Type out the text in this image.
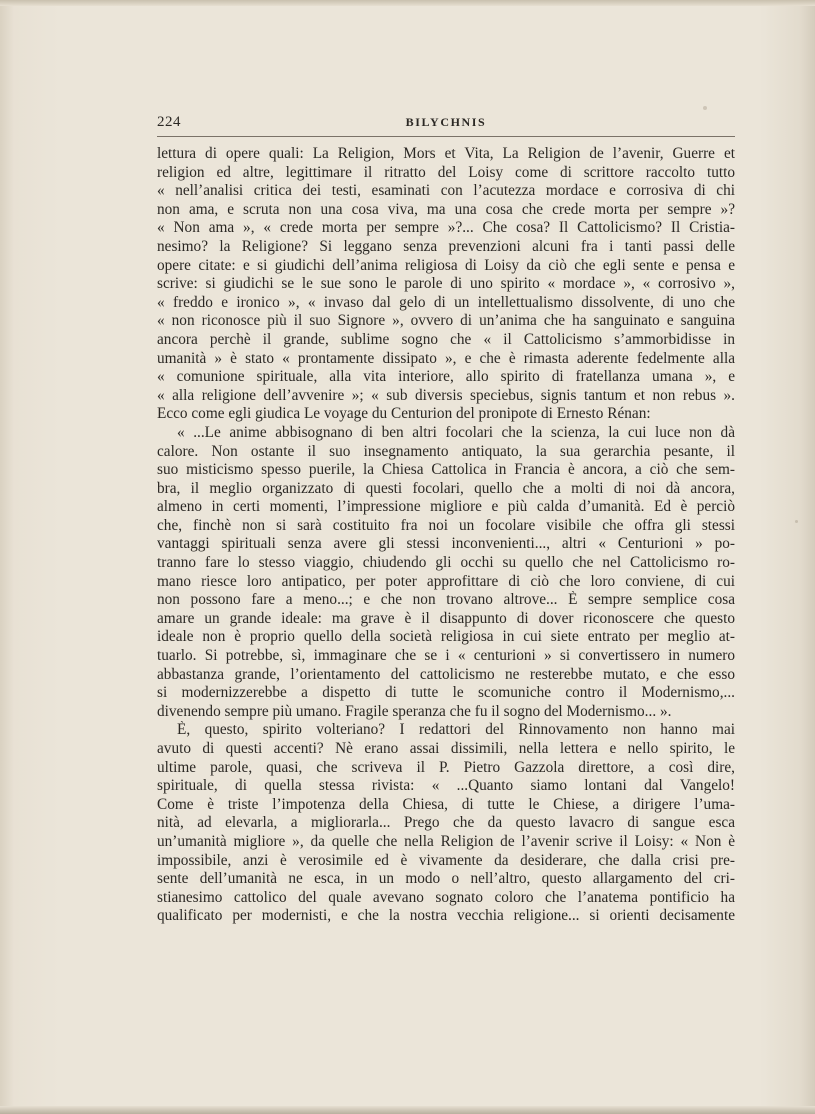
224	BILYCHNIS
lettura di opere quali: La Religion, Mors et Vita, La Religion de l’avenir, Guerre et
religion ed altre, legittimare il ritratto del Loisy come di scrittore raccolto tutto
« nell’analisi critica dei testi, esaminati con l’acutezza mordace e corrosiva di chi
non ama, e scruta non una cosa viva, ma una cosa che crede morta per sempre »?
« Non ama », « crede morta per sempre »?... Che cosa? Il Cattolicismo? Il Cristia-
nesimo? la Religione? Si leggano senza prevenzioni alcuni fra i tanti passi delle
opere citate: e si giudichi dell’anima religiosa di Loisy da ciò che egli sente e pensa e
scrive: si giudichi se le sue sono le parole di uno spirito « mordace », « corrosivo »,
« freddo e ironico », « invaso dal gelo di un intellettualismo dissolvente, di uno che
« non riconosce più il suo Signore », ovvero di un’anima che ha sanguinato e sanguina
ancora perchè il grande, sublime sogno che « il Cattolicismo s’ammorbidisse in
umanità » è stato « prontamente dissipato », e che è rimasta aderente fedelmente alla
« comunione spirituale, alla vita interiore, allo spirito di fratellanza umana », e
« alla religione dell’avvenire »; « sub diversis speciebus, signis tantum et non rebus ».
Ecco come egli giudica Le voyage du Centurion del pronipote di Ernesto Rénan:
« ...Le anime abbisognano di ben altri focolari che la scienza, la cui luce non dà
calore. Non ostante il suo insegnamento antiquato, la sua gerarchia pesante, il
suo misticismo spesso puerile, la Chiesa Cattolica in Francia è ancora, a ciò che sem-
bra, il meglio organizzato di questi focolari, quello che a molti di noi dà ancora,
almeno in certi momenti, l’impressione migliore e più calda d’umanità. Ed è perciò
che, finchè non si sarà costituito fra noi un focolare visibile che offra gli stessi
vantaggi spirituali senza avere gli stessi inconvenienti..., altri « Centurioni » po-
tranno fare lo stesso viaggio, chiudendo gli occhi su quello che nel Cattolicismo ro-
mano riesce loro antipatico, per poter approfittare di ciò che loro conviene, di cui
non possono fare a meno...; e che non trovano altrove... È sempre semplice cosa
amare un grande ideale: ma grave è il disappunto di dover riconoscere che questo
ideale non è proprio quello della società religiosa in cui siete entrato per meglio at-
tuarlo. Si potrebbe, sì, immaginare che se i « centurioni » si convertissero in numero
abbastanza grande, l’orientamento del cattolicismo ne resterebbe mutato, e che esso
si modernizzerebbe a dispetto di tutte le scomuniche contro il Modernismo,...
divenendo sempre più umano. Fragile speranza che fu il sogno del Modernismo... ».
È, questo, spirito volteriano? I redattori del Rinnovamento non hanno mai
avuto di questi accenti? Nè erano assai dissimili, nella lettera e nello spirito, le
ultime parole, quasi, che scriveva il P. Pietro Gazzola direttore, a così dire,
spirituale, di quella stessa rivista: « ...Quanto siamo lontani dal Vangelo!
Come è triste l’impotenza della Chiesa, di tutte le Chiese, a dirigere l’uma-
nità, ad elevarla, a migliorarla... Prego che da questo lavacro di sangue esca
un’umanità migliore », da quelle che nella Religion de l’avenir scrive il Loisy: « Non è
impossibile, anzi è verosimile ed è vivamente da desiderare, che dalla crisi pre-
sente dell’umanità ne esca, in un modo o nell’altro, questo allargamento del cri-
stianesimo cattolico del quale avevano sognato coloro che l’anatema pontificio ha
qualificato per modernisti, e che la nostra vecchia religione... si orienti decisamente
